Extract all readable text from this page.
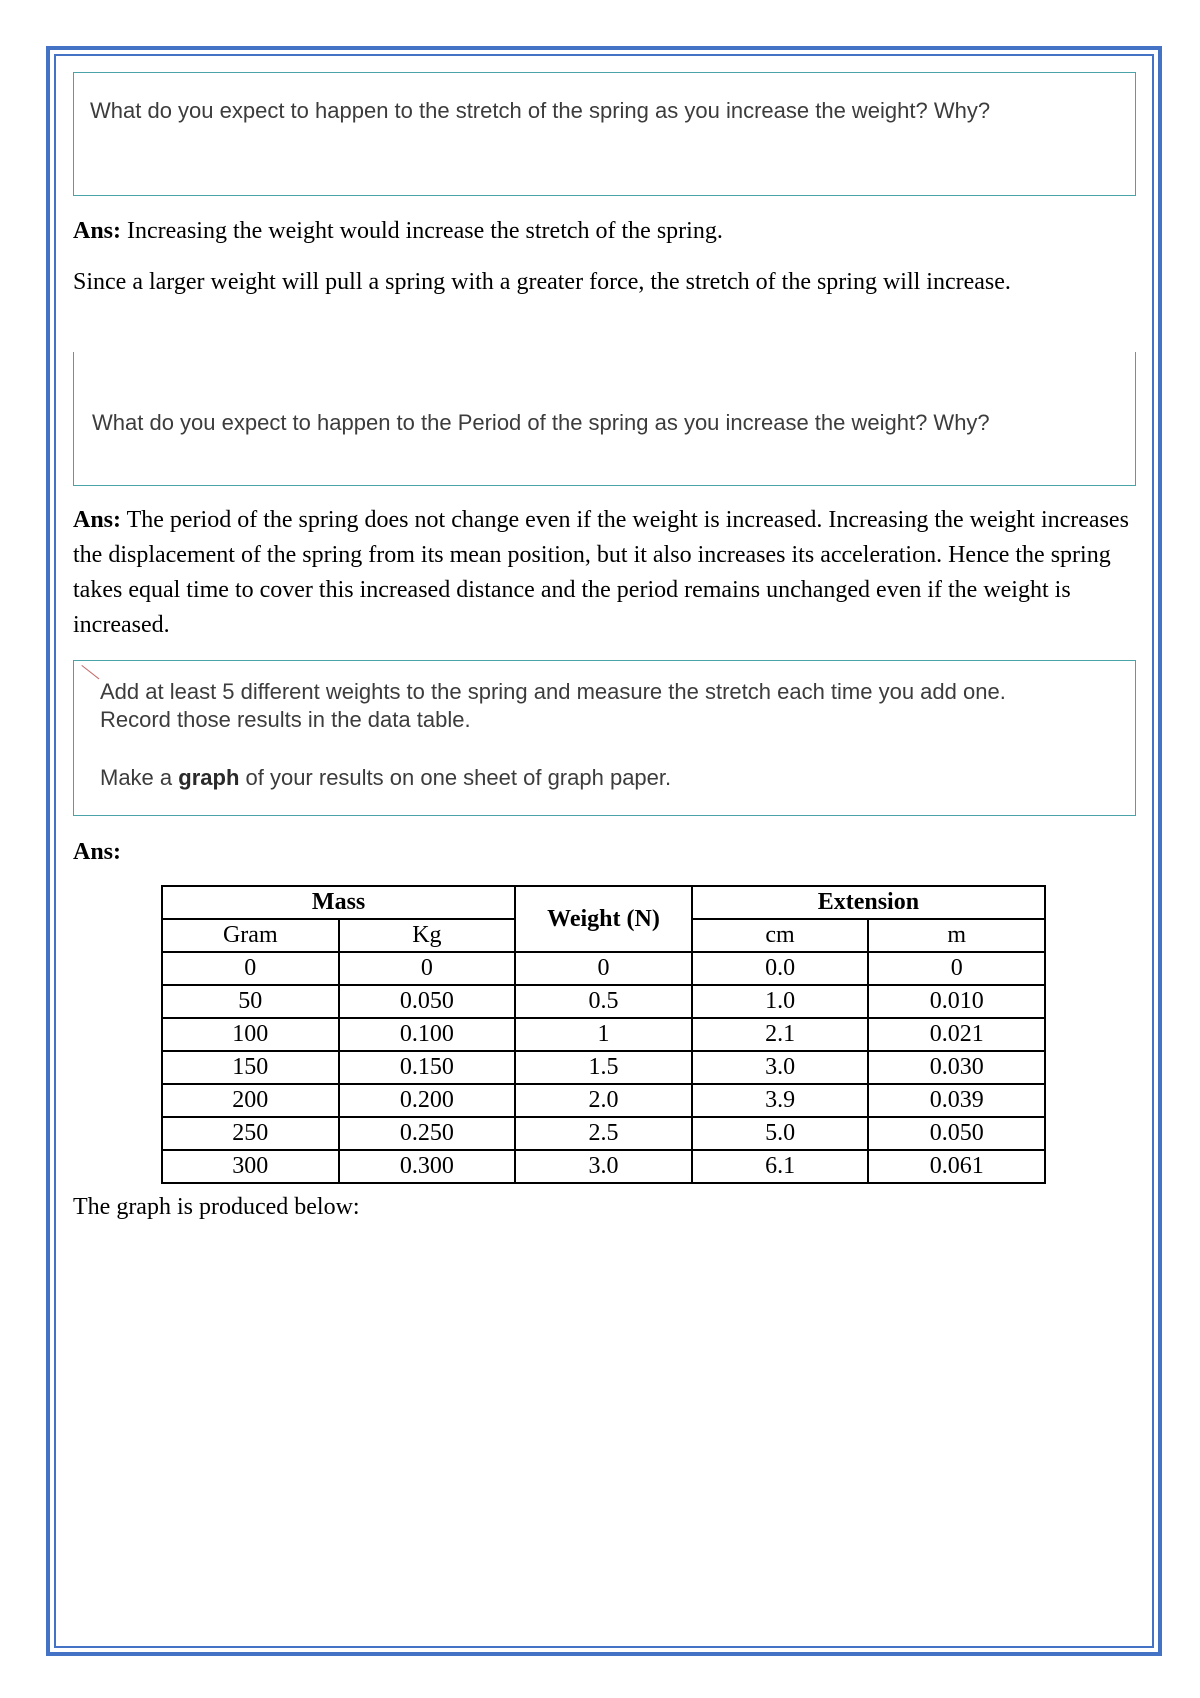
What do you expect to happen to the stretch of the spring as you increase the weight? Why?
Ans: Increasing the weight would increase the stretch of the spring.
Since a larger weight will pull a spring with a greater force, the stretch of the spring will increase.
What do you expect to happen to the Period of the spring as you increase the weight? Why?
Ans: The period of the spring does not change even if the weight is increased. Increasing the weight increases the displacement of the spring from its mean position, but it also increases its acceleration. Hence the spring takes equal time to cover this increased distance and the period remains unchanged even if the weight is increased.
Add at least 5 different weights to the spring and measure the stretch each time you add one.
Record those results in the data table.
Make a graph of your results on one sheet of graph paper.
Ans:
Mass		Weight (N)	Extension	
Gram	Kg		cm	m
0	0	0	0.0	0
50	0.050	0.5	1.0	0.010
100	0.100	1	2.1	0.021
150	0.150	1.5	3.0	0.030
200	0.200	2.0	3.9	0.039
250	0.250	2.5	5.0	0.050
300	0.300	3.0	6.1	0.061
The graph is produced below:
